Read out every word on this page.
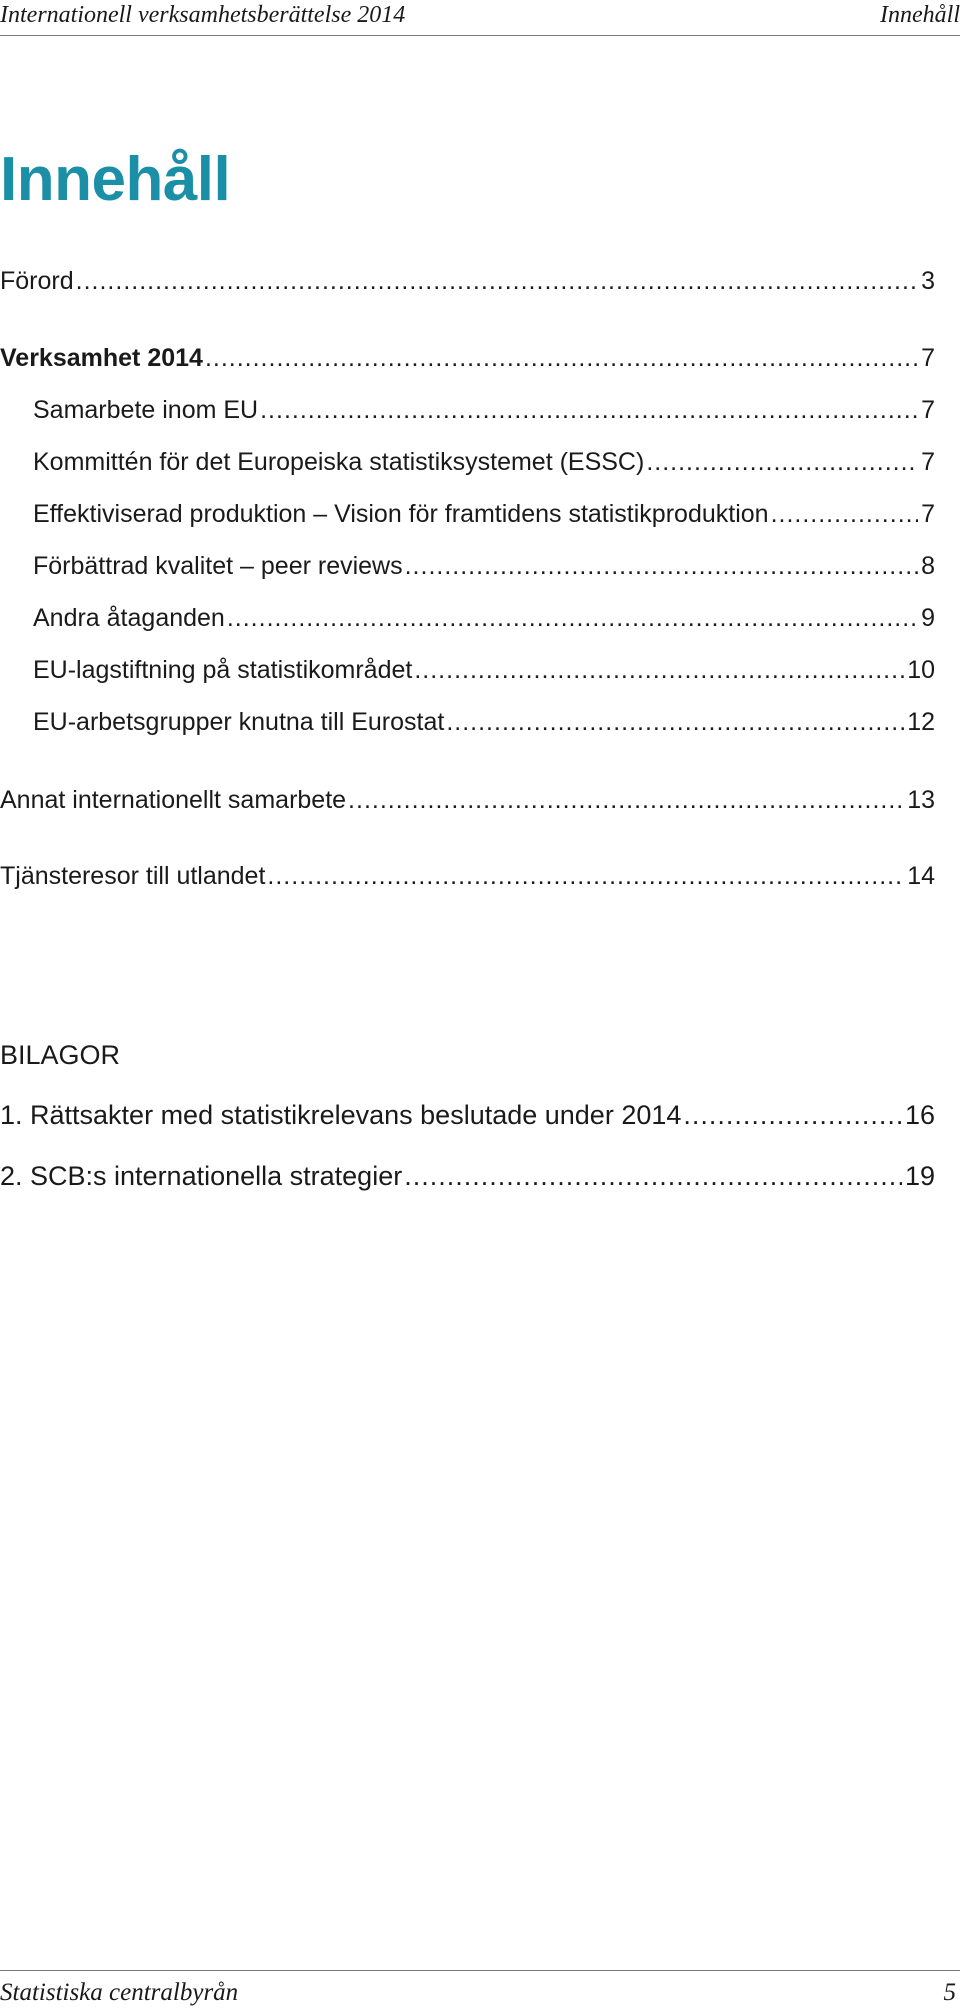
Internationell verksamhetsberättelse 2014	Innehåll
Innehåll
Förord .....	3
Verksamhet 2014 .....	7
Samarbete inom EU .....	7
Kommittén för det Europeiska statistiksystemet (ESSC) .....	7
Effektiviserad produktion – Vision för framtidens statistikproduktion .....	7
Förbättrad kvalitet – peer reviews .....	8
Andra åtaganden .....	9
EU-lagstiftning på statistikområdet .....	10
EU-arbetsgrupper knutna till Eurostat .....	12
Annat internationellt samarbete .....	13
Tjänsteresor till utlandet .....	14
BILAGOR
1. Rättsakter med statistikrelevans beslutade under 2014 .....	16
2. SCB:s internationella strategier .....	19
Statistiska centralbyrån	5
